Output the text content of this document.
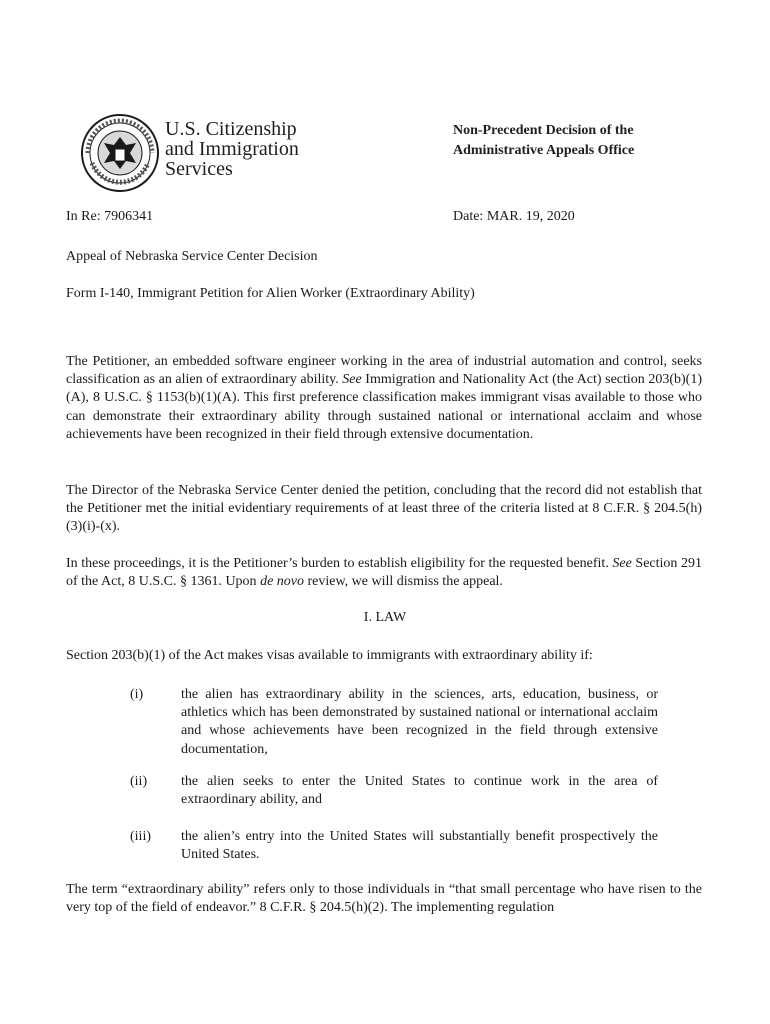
U.S. Citizenship
and Immigration
Services
Non-Precedent Decision of the
Administrative Appeals Office
In Re: 7906341	Date: MAR. 19, 2020
Appeal of Nebraska Service Center Decision
Form I-140, Immigrant Petition for Alien Worker (Extraordinary Ability)
The Petitioner, an embedded software engineer working in the area of industrial automation and control, seeks classification as an alien of extraordinary ability. See Immigration and Nationality Act (the Act) section 203(b)(1)(A), 8 U.S.C. § 1153(b)(1)(A). This first preference classification makes immigrant visas available to those who can demonstrate their extraordinary ability through sustained national or international acclaim and whose achievements have been recognized in their field through extensive documentation.
The Director of the Nebraska Service Center denied the petition, concluding that the record did not establish that the Petitioner met the initial evidentiary requirements of at least three of the criteria listed at 8 C.F.R. § 204.5(h)(3)(i)-(x).
In these proceedings, it is the Petitioner’s burden to establish eligibility for the requested benefit. See Section 291 of the Act, 8 U.S.C. § 1361. Upon de novo review, we will dismiss the appeal.
I. LAW
Section 203(b)(1) of the Act makes visas available to immigrants with extraordinary ability if:
(i)	the alien has extraordinary ability in the sciences, arts, education, business, or athletics which has been demonstrated by sustained national or international acclaim and whose achievements have been recognized in the field through extensive documentation,
(ii) the alien seeks to enter the United States to continue work in the area of extraordinary ability, and
(iii) the alien’s entry into the United States will substantially benefit prospectively the United States.
The term “extraordinary ability” refers only to those individuals in “that small percentage who have risen to the very top of the field of endeavor.” 8 C.F.R. § 204.5(h)(2). The implementing regulation
